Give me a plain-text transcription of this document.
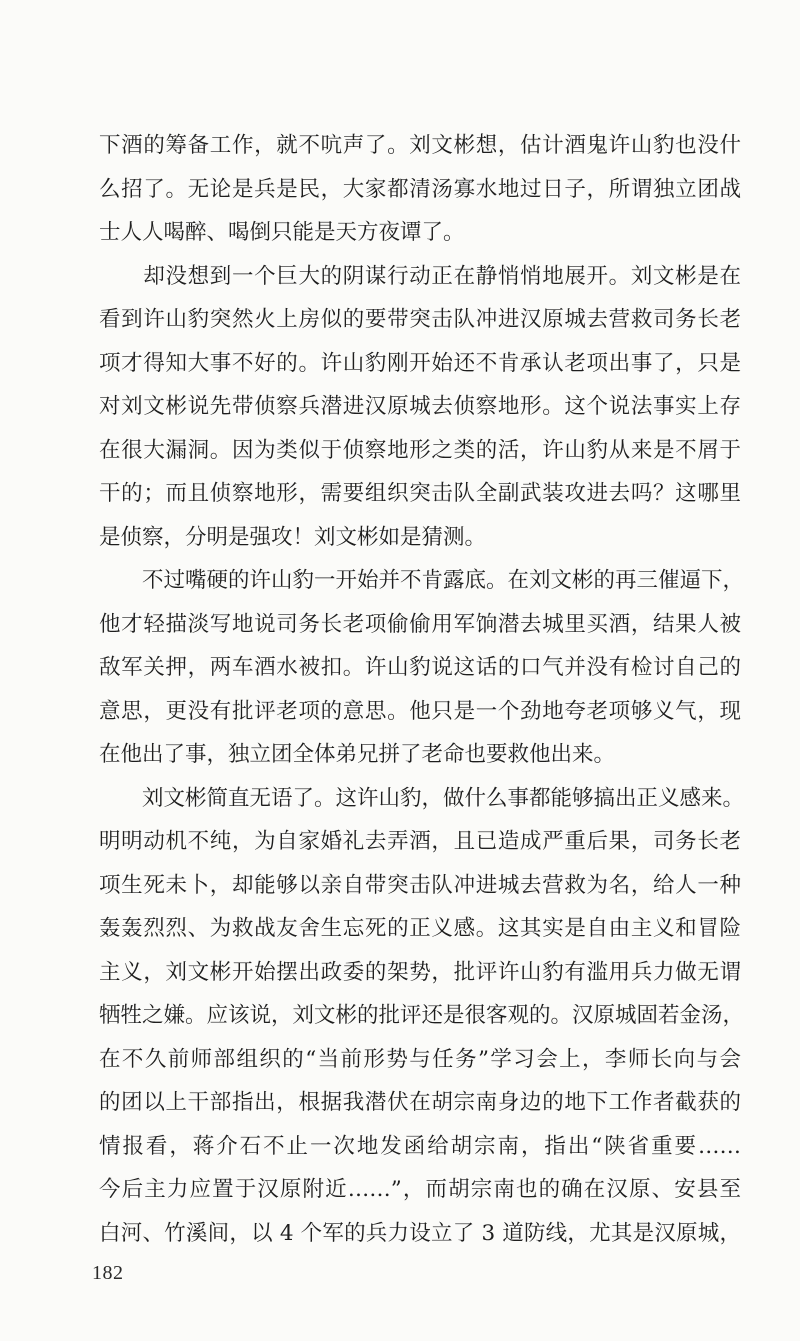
下酒的筹备工作，就不吭声了。刘文彬想，估计酒鬼许山豹也没什
么招了。无论是兵是民，大家都清汤寡水地过日子，所谓独立团战
士人人喝醉、喝倒只能是天方夜谭了。
　　却没想到一个巨大的阴谋行动正在静悄悄地展开。刘文彬是在
看到许山豹突然火上房似的要带突击队冲进汉原城去营救司务长老
项才得知大事不好的。许山豹刚开始还不肯承认老项出事了，只是
对刘文彬说先带侦察兵潜进汉原城去侦察地形。这个说法事实上存
在很大漏洞。因为类似于侦察地形之类的活，许山豹从来是不屑于
干的；而且侦察地形，需要组织突击队全副武装攻进去吗？这哪里
是侦察，分明是强攻！刘文彬如是猜测。
　　不过嘴硬的许山豹一开始并不肯露底。在刘文彬的再三催逼下，
他才轻描淡写地说司务长老项偷偷用军饷潜去城里买酒，结果人被
敌军关押，两车酒水被扣。许山豹说这话的口气并没有检讨自己的
意思，更没有批评老项的意思。他只是一个劲地夸老项够义气，现
在他出了事，独立团全体弟兄拼了老命也要救他出来。
　　刘文彬简直无语了。这许山豹，做什么事都能够搞出正义感来。
明明动机不纯，为自家婚礼去弄酒，且已造成严重后果，司务长老
项生死未卜，却能够以亲自带突击队冲进城去营救为名，给人一种
轰轰烈烈、为救战友舍生忘死的正义感。这其实是自由主义和冒险
主义，刘文彬开始摆出政委的架势，批评许山豹有滥用兵力做无谓
牺牲之嫌。应该说，刘文彬的批评还是很客观的。汉原城固若金汤，
在不久前师部组织的“当前形势与任务”学习会上，李师长向与会
的团以上干部指出，根据我潜伏在胡宗南身边的地下工作者截获的
情报看，蒋介石不止一次地发函给胡宗南，指出“陕省重要……
今后主力应置于汉原附近……”，而胡宗南也的确在汉原、安县至
白河、竹溪间，以 4 个军的兵力设立了 3 道防线，尤其是汉原城，
182
